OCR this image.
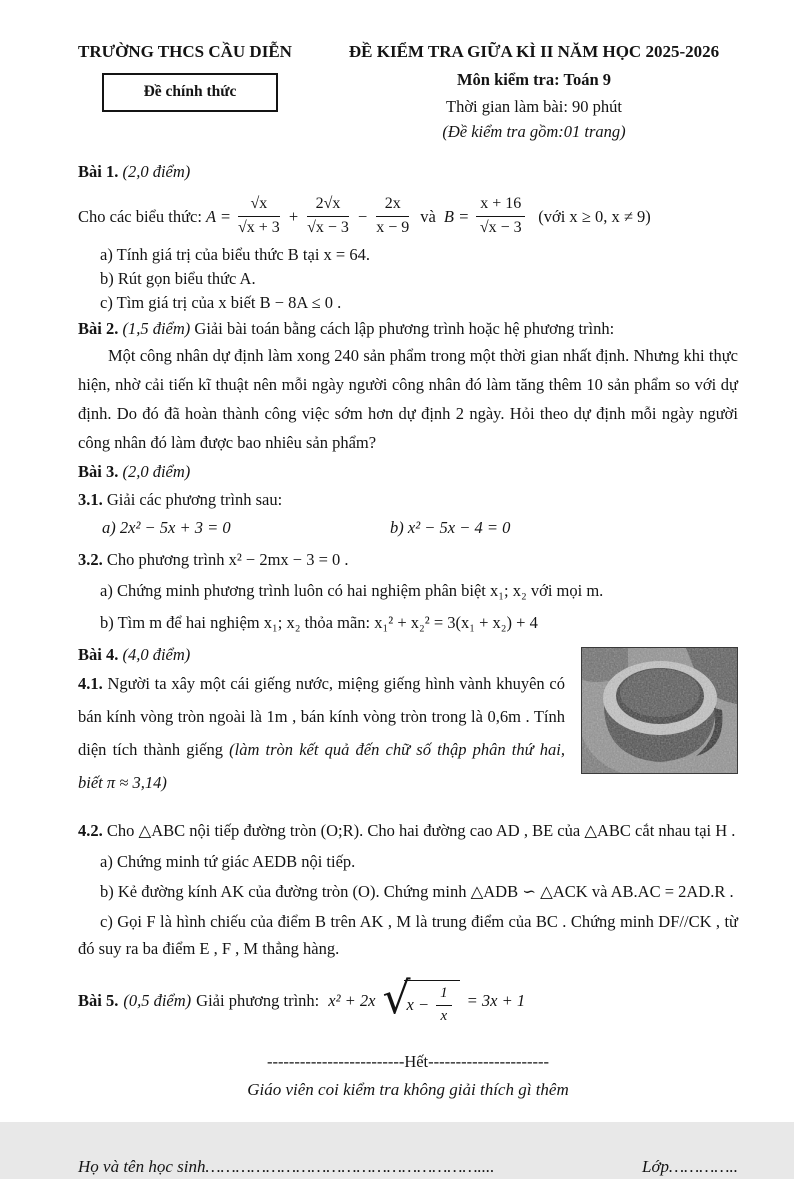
TRƯỜNG THCS CẦU DIỄN
Đề chính thức
ĐỀ KIỂM TRA GIỮA KÌ II NĂM HỌC 2025-2026
Môn kiểm tra: Toán 9
Thời gian làm bài: 90 phút
(Đề kiểm tra gồm:01 trang)
Bài 1. (2,0 điểm)
Cho các biểu thức: $A = \frac{√x}{√x + 3} + \frac{2√x}{√x - 3} - \frac{2x}{x - 9}$ và $B = \frac{x + 16}{√x - 3}$ (với x ≥ 0, x ≠ 9)
a) Tính giá trị của biểu thức B tại x = 64.
b) Rút gọn biểu thức A.
c) Tìm giá trị của x biết B − 8A ≤ 0 .
Bài 2. (1,5 điểm) Giải bài toán bằng cách lập phương trình hoặc hệ phương trình:
Một công nhân dự định làm xong 240 sản phẩm trong một thời gian nhất định. Nhưng khi thực hiện, nhờ cải tiến kĩ thuật nên mỗi ngày người công nhân đó làm tăng thêm 10 sản phẩm so với dự định. Do đó đã hoàn thành công việc sớm hơn dự định 2 ngày. Hỏi theo dự định mỗi ngày người công nhân đó làm được bao nhiêu sản phẩm?
Bài 3. (2,0 điểm)
3.1. Giải các phương trình sau:
a) 2x² − 5x + 3 = 0	b) x² − 5x − 4 = 0
3.2. Cho phương trình x² − 2mx − 3 = 0 .
a) Chứng minh phương trình luôn có hai nghiệm phân biệt x₁; x₂ với mọi m.
b) Tìm m để hai nghiệm x₁; x₂ thỏa mãn: x₁² + x₂² = 3(x₁ + x₂) + 4
Bài 4. (4,0 điểm)
4.1. Người ta xây một cái giếng nước, miệng giếng hình vành khuyên có bán kính vòng tròn ngoài là 1m , bán kính vòng tròn trong là 0,6m . Tính diện tích thành giếng (làm tròn kết quả đến chữ số thập phân thứ hai, biết π ≈ 3,14)
4.2. Cho △ABC nội tiếp đường tròn (O;R). Cho hai đường cao AD , BE của △ABC cắt nhau tại H .
a) Chứng minh tứ giác AEDB nội tiếp.
b) Kẻ đường kính AK của đường tròn (O). Chứng minh △ADB ∽ △ACK và AB.AC = 2AD.R .
c) Gọi F là hình chiếu của điểm B trên AK , M là trung điểm của BC . Chứng minh DF//CK , từ đó suy ra ba điểm E , F , M thẳng hàng.
Bài 5. (0,5 điểm) Giải phương trình: x² + 2x √
$x - \frac{1}{x} = 3x + 1$
-------------------------Hết----------------------
Giáo viên coi kiểm tra không giải thích gì thêm
Họ và tên học sinh………………………………………………....	Lớp…………..
